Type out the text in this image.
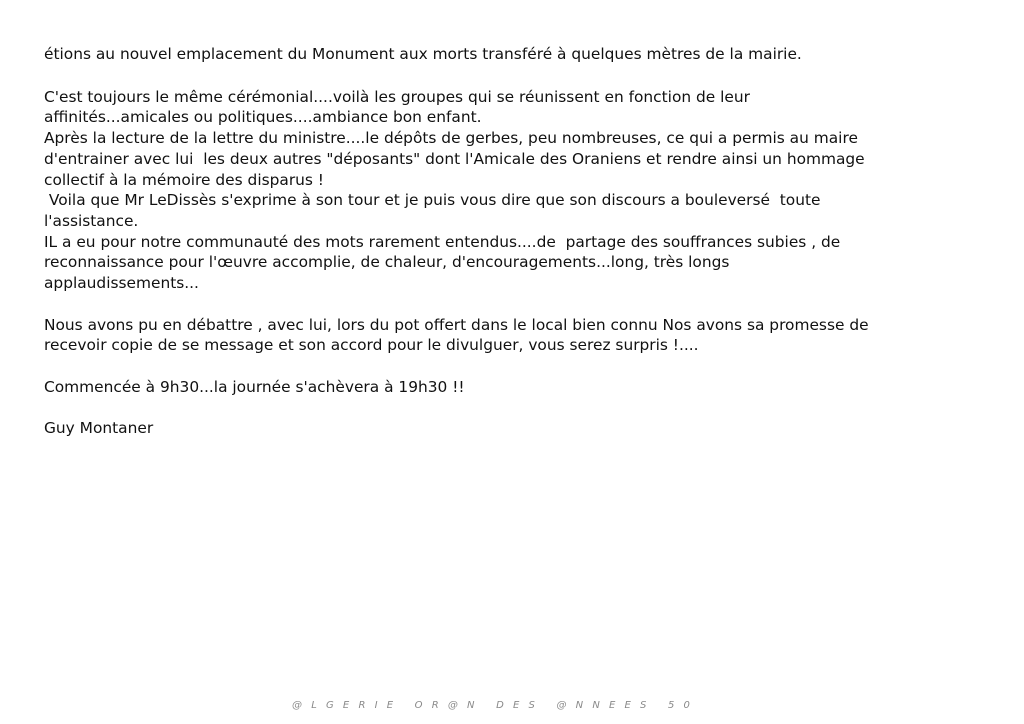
étions au nouvel emplacement du Monument aux morts transféré à quelques mètres de la mairie.

C'est toujours le même cérémonial....voilà les groupes qui se réunissent en fonction de leur

affinités...amicales ou politiques....ambiance bon enfant.

Après la lecture de la lettre du ministre....le dépôts de gerbes, peu nombreuses, ce qui a permis au maire

d'entrainer avec lui  les deux autres "déposants" dont l'Amicale des Oraniens et rendre ainsi un hommage

collectif à la mémoire des disparus !

Voila que Mr LeDissès s'exprime à son tour et je puis vous dire que son discours a bouleversé  toute

l'assistance.

IL a eu pour notre communauté des mots rarement entendus....de  partage des souffrances subies , de

reconnaissance pour l'œuvre accomplie, de chaleur, d'encouragements...long, très longs

applaudissements...

Nous avons pu en débattre , avec lui, lors du pot offert dans le local bien connu Nos avons sa promesse de

recevoir copie de se message et son accord pour le divulguer, vous serez surpris !....

Commencée à 9h30...la journée s'achèvera à 19h30 !!

Guy Montaner

@LGERIE OR@N DES @NNEES 50
